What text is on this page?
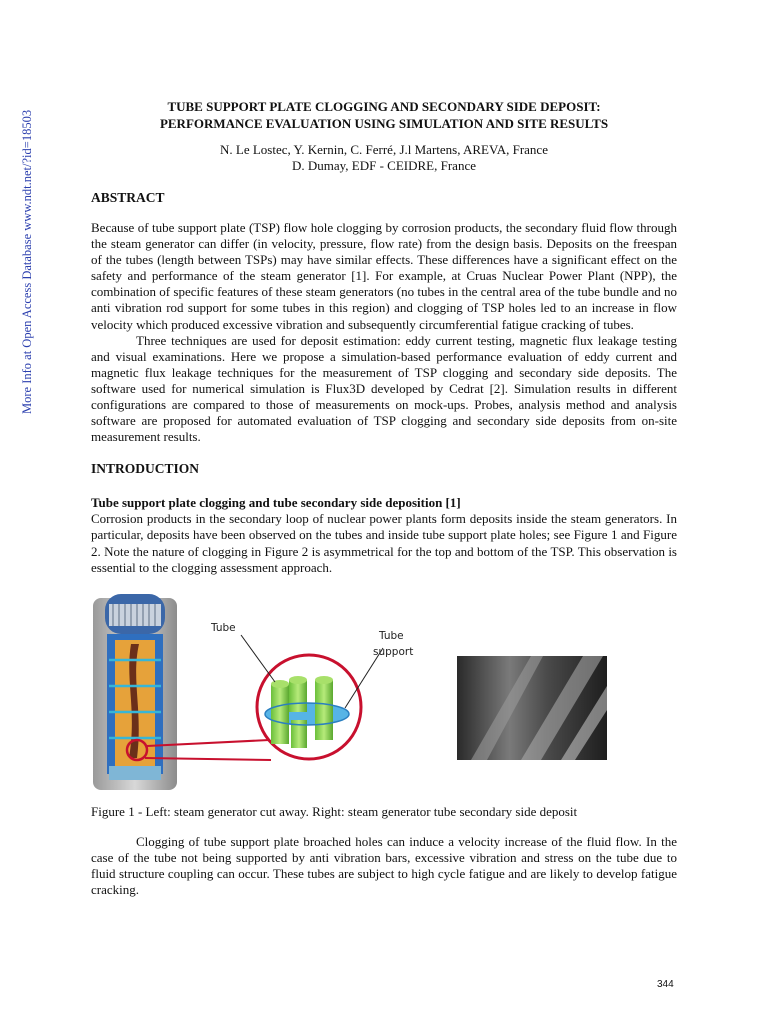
More Info at Open Access Database www.ndt.net/?id=18503
TUBE SUPPORT PLATE CLOGGING AND SECONDARY SIDE DEPOSIT:
PERFORMANCE EVALUATION USING SIMULATION AND SITE RESULTS
N. Le Lostec, Y. Kernin, C. Ferré, J.l Martens, AREVA, France
D. Dumay, EDF - CEIDRE, France
ABSTRACT

Because of tube support plate (TSP) flow hole clogging by corrosion products, the secondary fluid flow through the steam generator can differ (in velocity, pressure, flow rate) from the design basis. Deposits on the freespan of the tubes (length between TSPs) may have similar effects. These differences have a significant effect on the safety and performance of the steam generator [1]. For example, at Cruas Nuclear Power Plant (NPP), the combination of specific features of these steam generators (no tubes in the central area of the tube bundle and no anti vibration rod support for some tubes in this region) and clogging of TSP holes led to an increase in flow velocity which produced excessive vibration and subsequently circumferential fatigue cracking of tubes.

Three techniques are used for deposit estimation: eddy current testing, magnetic flux leakage testing and visual examinations. Here we propose a simulation-based performance evaluation of eddy current and magnetic flux leakage techniques for the measurement of TSP clogging and secondary side deposits. The software used for numerical simulation is Flux3D developed by Cedrat [2]. Simulation results in different configurations are compared to those of measurements on mock-ups. Probes, analysis method and analysis software are proposed for automated evaluation of TSP clogging and secondary side deposits from on-site measurement results.

INTRODUCTION
Tube support plate clogging and tube secondary side deposition [1]

Corrosion products in the secondary loop of nuclear power plants form deposits inside the steam generators. In particular, deposits have been observed on the tubes and inside tube support plate holes; see Figure 1 and Figure 2. Note the nature of clogging in Figure 2 is asymmetrical for the top and bottom of the TSP. This observation is essential to the clogging assessment approach.

Tube
Tube
support
Figure 1 - Left: steam generator cut away. Right: steam generator tube secondary side deposit

Clogging of tube support plate broached holes can induce a velocity increase of the fluid flow. In the case of the tube not being supported by anti vibration bars, excessive vibration and stress on the tube due to fluid structure coupling can occur. These tubes are subject to high cycle fatigue and are likely to develop fatigue cracking.

344
